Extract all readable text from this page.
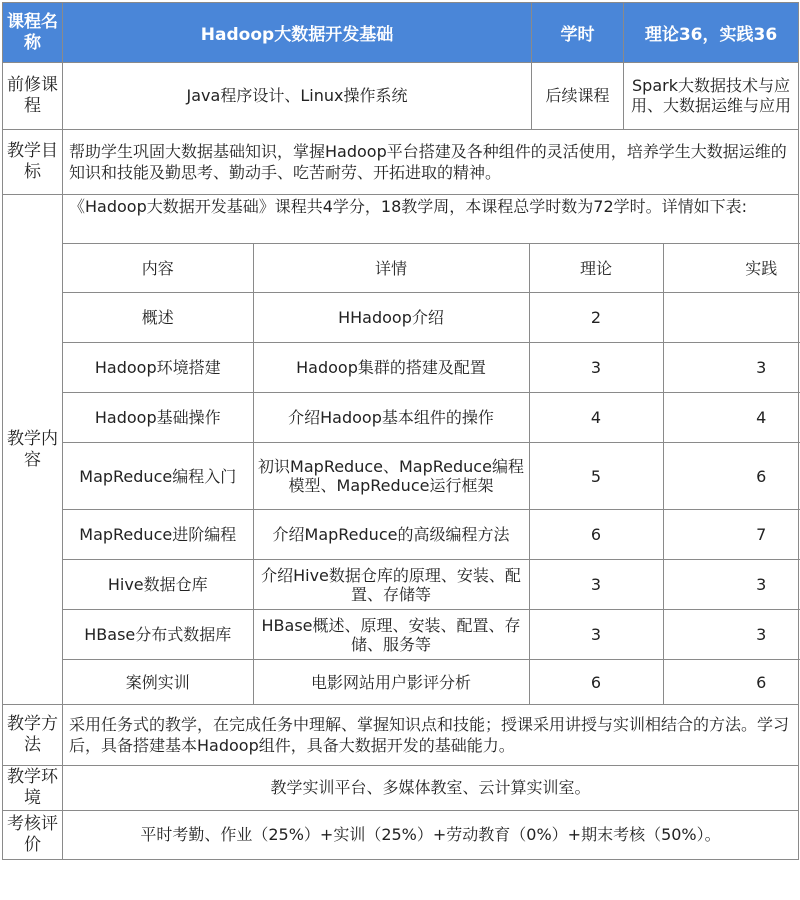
课程名称	Hadoop大数据开发基础	学时	理论36，实践36
前修课程	Java程序设计、Linux操作系统	后续课程	Spark大数据技术与应用、大数据运维与应用
教学目标	帮助学生巩固大数据基础知识，掌握Hadoop平台搭建及各种组件的灵活使用，培养学生大数据运维的知识和技能及勤思考、勤动手、吃苦耐劳、开拓进取的精神。
教学内容	
《Hadoop大数据开发基础》课程共4学分，18教学周，本课程总学时数为72学时。详情如下表:
内容	详情	理论	实践
概述	HHadoop介绍	2	
Hadoop环境搭建	Hadoop集群的搭建及配置	3	3
Hadoop基础操作	介绍Hadoop基本组件的操作	4	4
MapReduce编程入门	初识MapReduce、MapReduce编程模型、MapReduce运行框架	5	6
MapReduce进阶编程	介绍MapReduce的高级编程方法	6	7
Hive数据仓库	介绍Hive数据仓库的原理、安装、配置、存储等	3	3
HBase分布式数据库	HBase概述、原理、安装、配置、存储、服务等	3	3
案例实训	电影网站用户影评分析	6	6

教学方法	采用任务式的教学，在完成任务中理解、掌握知识点和技能；授课采用讲授与实训相结合的方法。学习后，具备搭建基本Hadoop组件，具备大数据开发的基础能力。
教学环境	教学实训平台、多媒体教室、云计算实训室。
考核评价	平时考勤、作业（25%）+实训（25%）+劳动教育（0%）+期末考核（50%）。
